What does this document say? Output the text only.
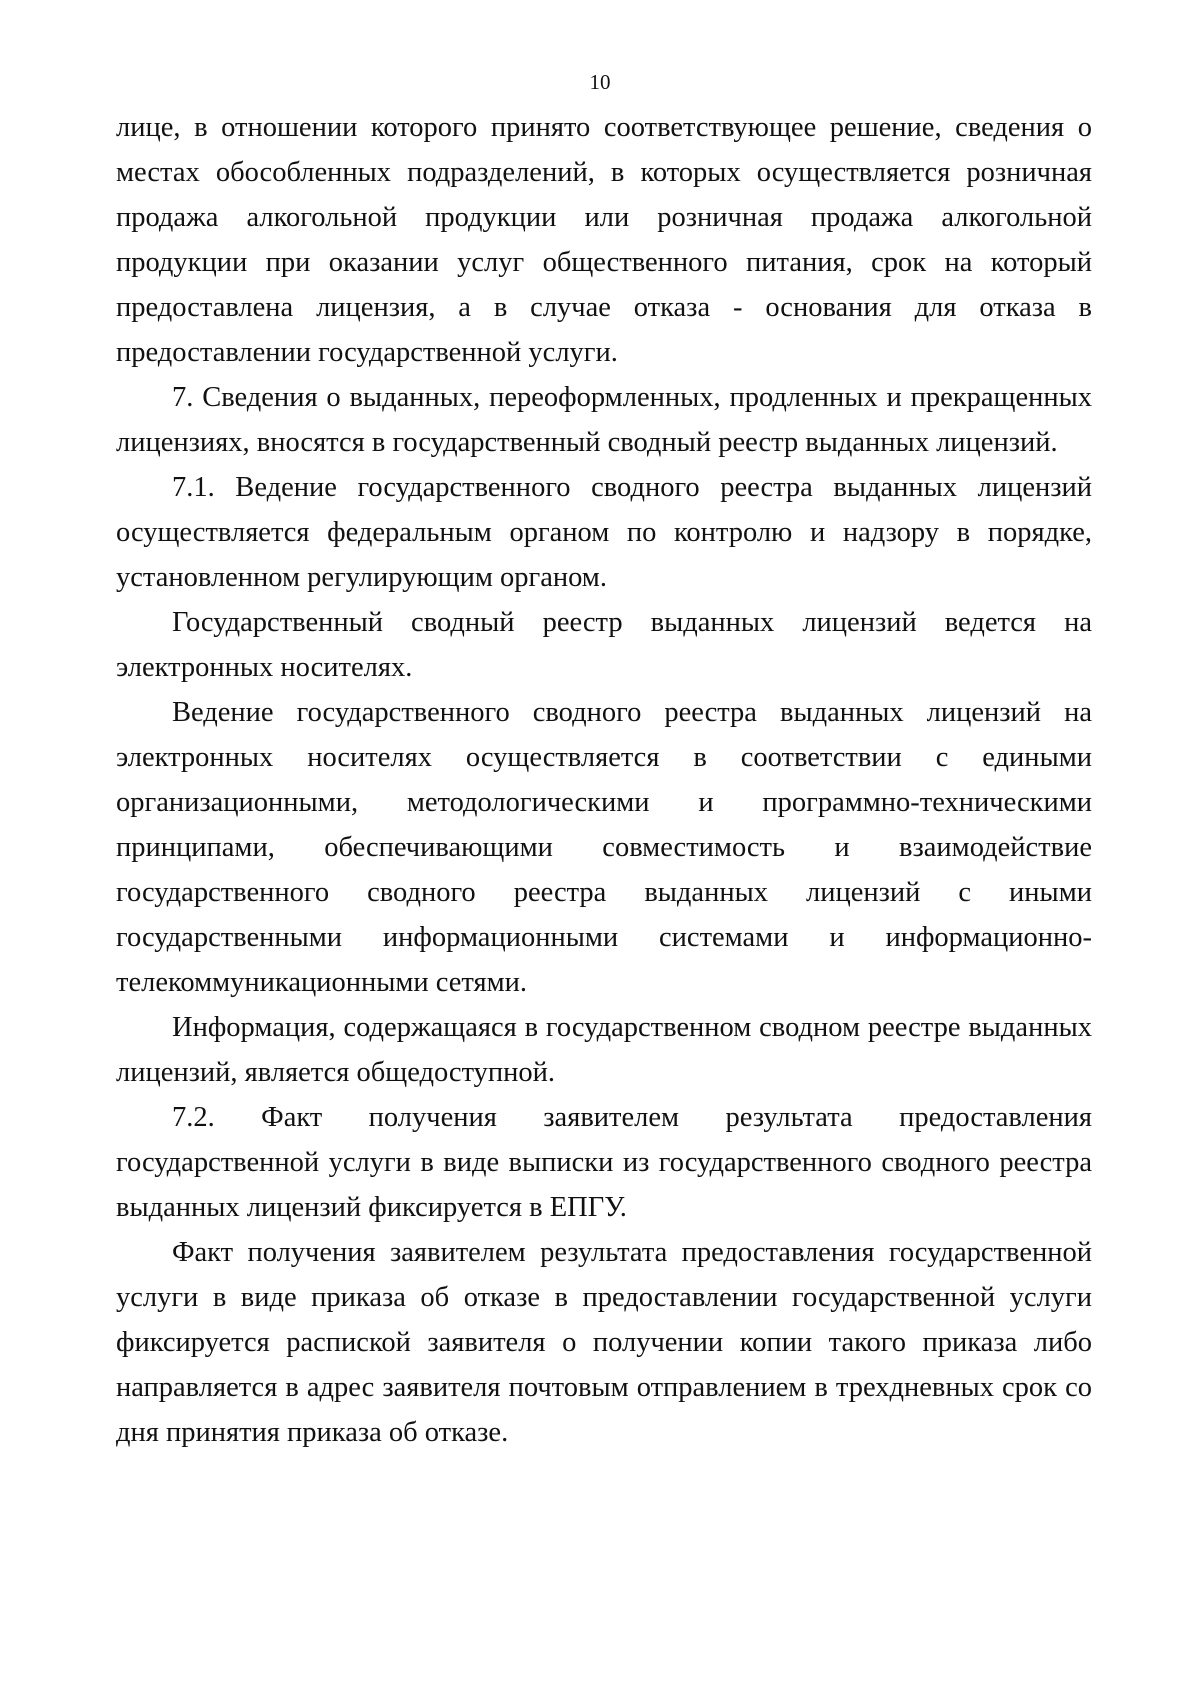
10

лице, в отношении которого принято соответствующее решение, сведения о

местах обособленных подразделений, в которых осуществляется розничная

продажа алкогольной продукции или розничная продажа алкогольной

продукции при оказании услуг общественного питания, срок на который

предоставлена лицензия, а в случае отказа - основания для отказа в

предоставлении государственной услуги.

7. Сведения о выданных, переоформленных, продленных и прекращенных

лицензиях, вносятся в государственный сводный реестр выданных лицензий.

7.1. Ведение государственного сводного реестра выданных лицензий

осуществляется федеральным органом по контролю и надзору в порядке,

установленном регулирующим органом.

Государственный сводный реестр выданных лицензий ведется на

электронных носителях.

Ведение государственного сводного реестра выданных лицензий на

электронных носителях осуществляется в соответствии с едиными

организационными, методологическими и программно-техническими

принципами, обеспечивающими совместимость и взаимодействие

государственного сводного реестра выданных лицензий с иными

государственными информационными системами и информационно-

телекоммуникационными сетями.

Информация, содержащаяся в государственном сводном реестре выданных

лицензий, является общедоступной.

7.2. Факт получения заявителем результата предоставления

государственной услуги в виде выписки из государственного сводного реестра

выданных лицензий фиксируется в ЕПГУ.

Факт получения заявителем результата предоставления государственной

услуги в виде приказа об отказе в предоставлении государственной услуги

фиксируется распиской заявителя о получении копии такого приказа либо

направляется в адрес заявителя почтовым отправлением в трехдневных срок со

дня принятия приказа об отказе.
